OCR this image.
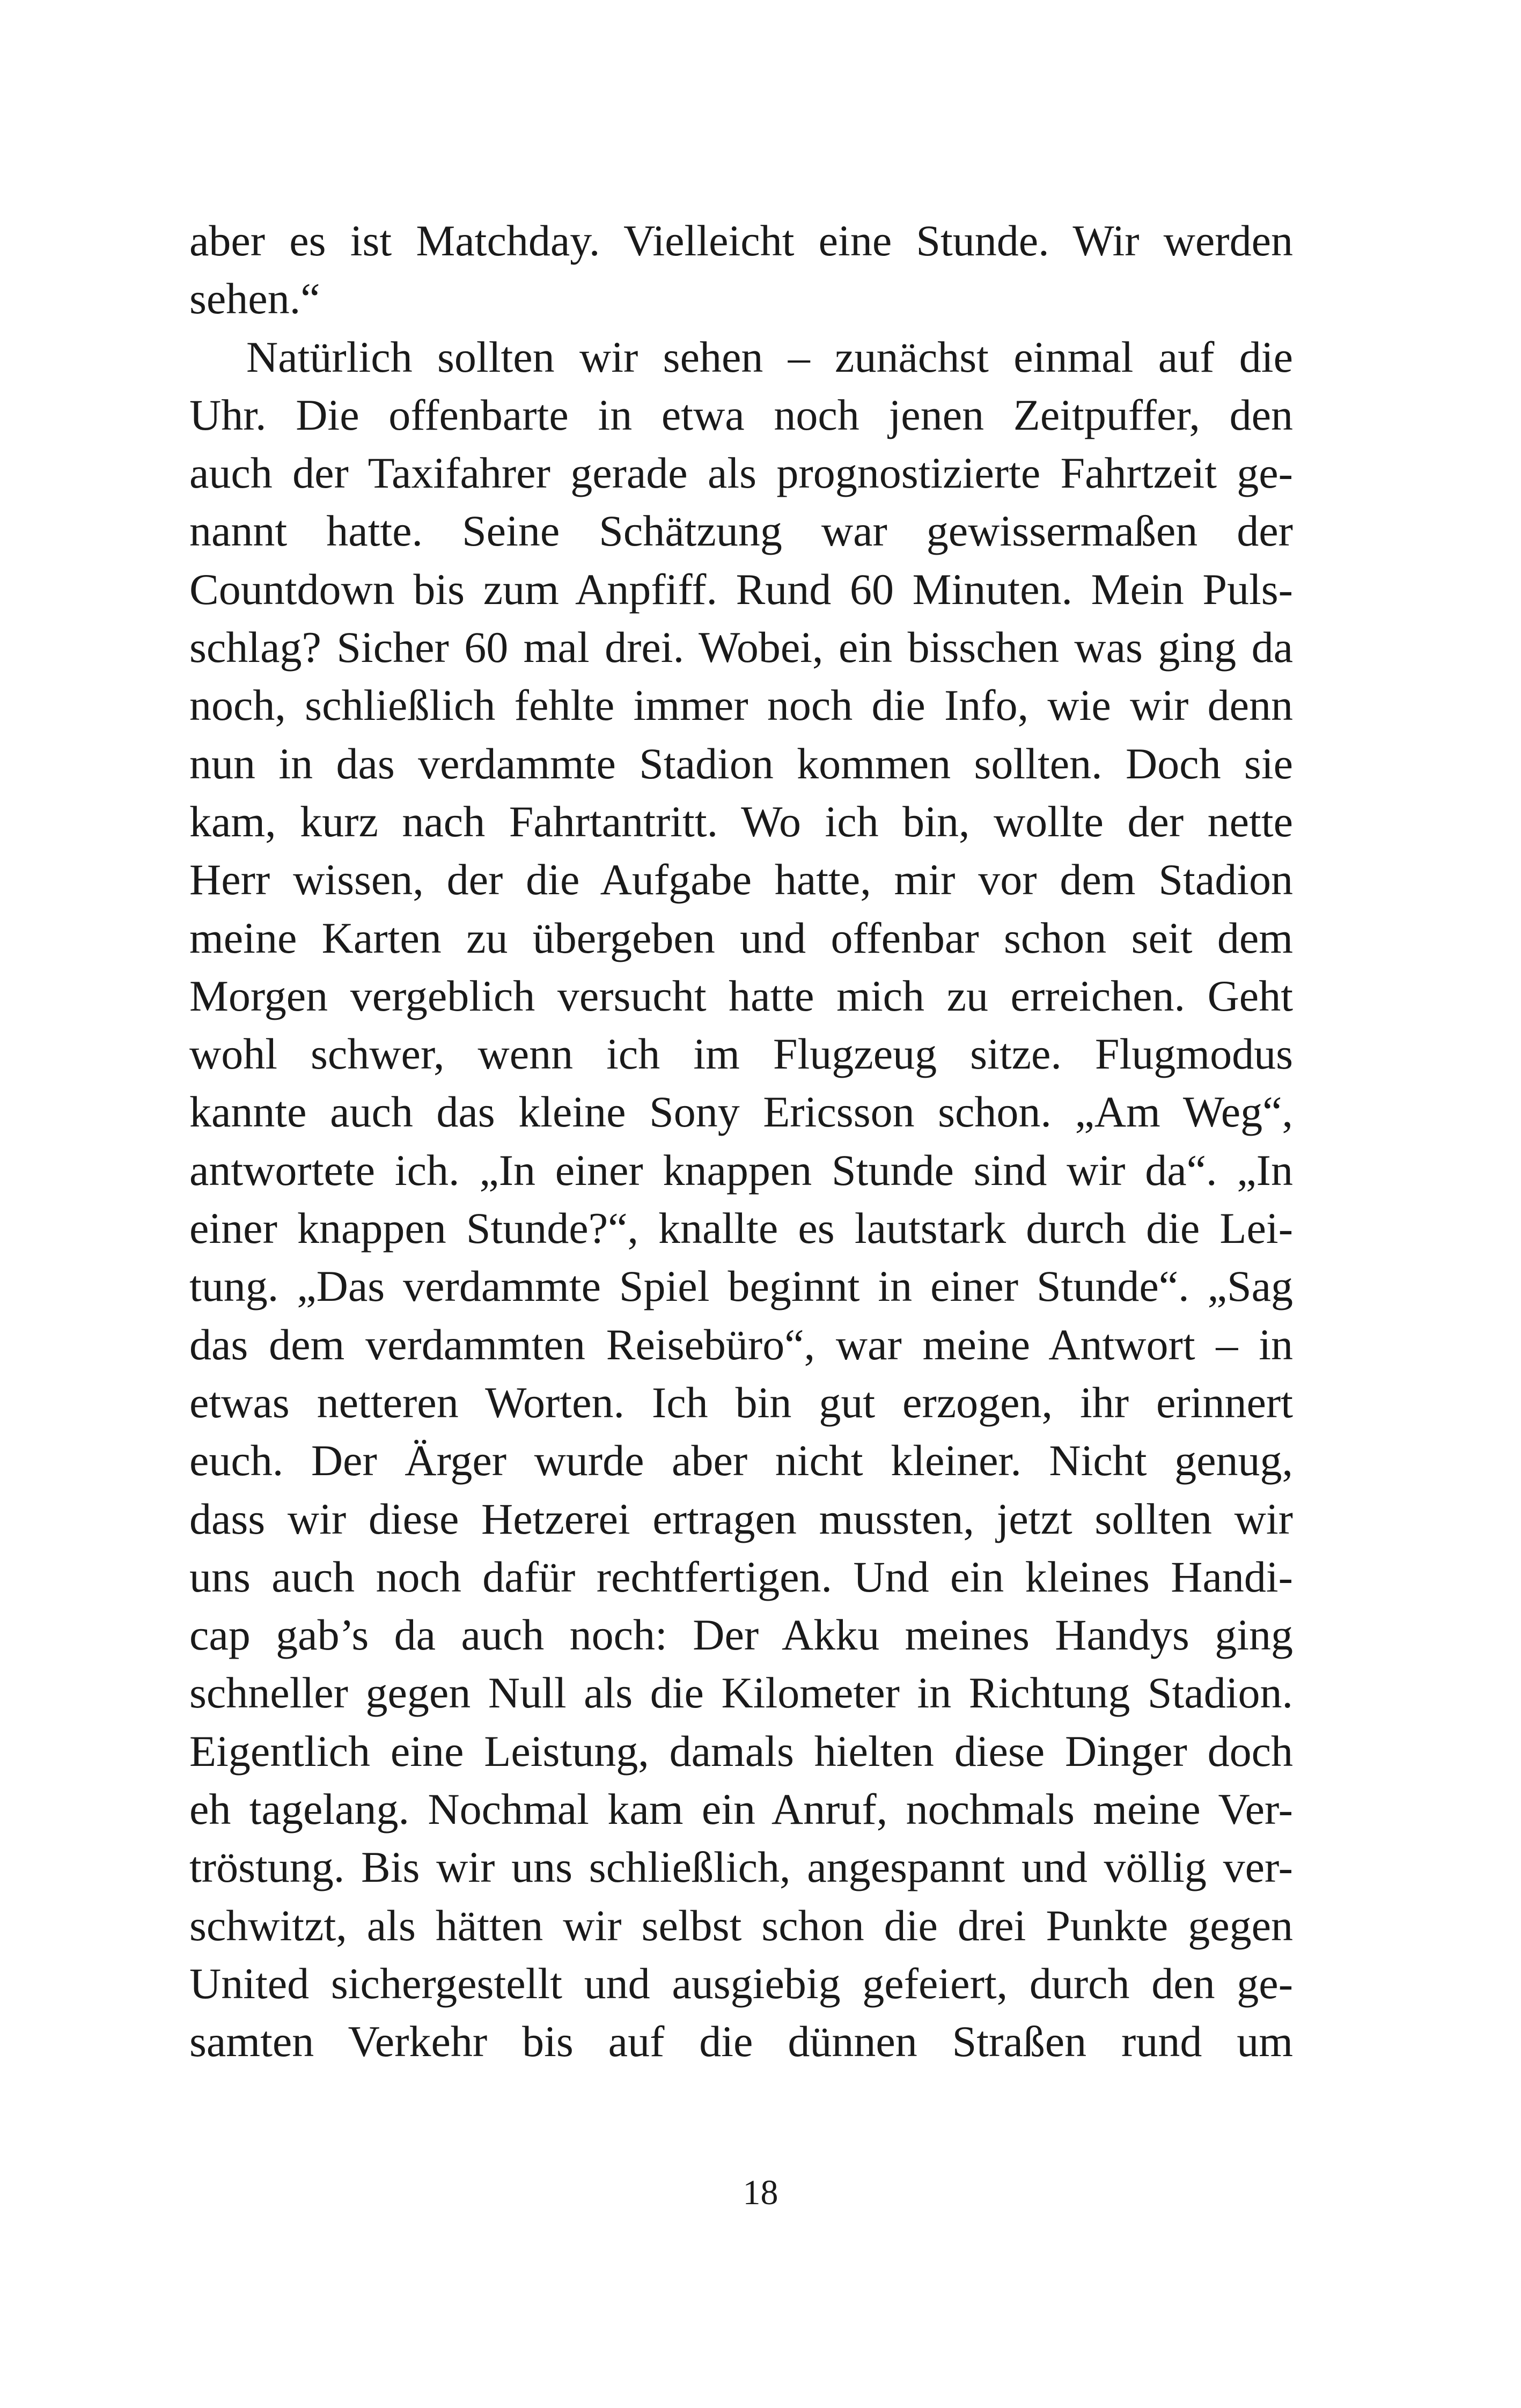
aber es ist Matchday. Vielleicht eine Stunde. Wir werden
sehen.“
Natürlich sollten wir sehen – zunächst einmal auf die
Uhr. Die offenbarte in etwa noch jenen Zeitpuffer, den
auch der Taxifahrer gerade als prognostizierte Fahrtzeit ge-
nannt hatte. Seine Schätzung war gewissermaßen der
Countdown bis zum Anpfiff. Rund 60 Minuten. Mein Puls-
schlag? Sicher 60 mal drei. Wobei, ein bisschen was ging da
noch, schließlich fehlte immer noch die Info, wie wir denn
nun in das verdammte Stadion kommen sollten. Doch sie
kam, kurz nach Fahrtantritt. Wo ich bin, wollte der nette
Herr wissen, der die Aufgabe hatte, mir vor dem Stadion
meine Karten zu übergeben und offenbar schon seit dem
Morgen vergeblich versucht hatte mich zu erreichen. Geht
wohl schwer, wenn ich im Flugzeug sitze. Flugmodus
kannte auch das kleine Sony Ericsson schon. „Am Weg“,
antwortete ich. „In einer knappen Stunde sind wir da“. „In
einer knappen Stunde?“, knallte es lautstark durch die Lei-
tung. „Das verdammte Spiel beginnt in einer Stunde“. „Sag
das dem verdammten Reisebüro“, war meine Antwort – in
etwas netteren Worten. Ich bin gut erzogen, ihr erinnert
euch. Der Ärger wurde aber nicht kleiner. Nicht genug,
dass wir diese Hetzerei ertragen mussten, jetzt sollten wir
uns auch noch dafür rechtfertigen. Und ein kleines Handi-
cap gab’s da auch noch: Der Akku meines Handys ging
schneller gegen Null als die Kilometer in Richtung Stadion.
Eigentlich eine Leistung, damals hielten diese Dinger doch
eh tagelang. Nochmal kam ein Anruf, nochmals meine Ver-
tröstung. Bis wir uns schließlich, angespannt und völlig ver-
schwitzt, als hätten wir selbst schon die drei Punkte gegen
United sichergestellt und ausgiebig gefeiert, durch den ge-
samten Verkehr bis auf die dünnen Straßen rund um
18
